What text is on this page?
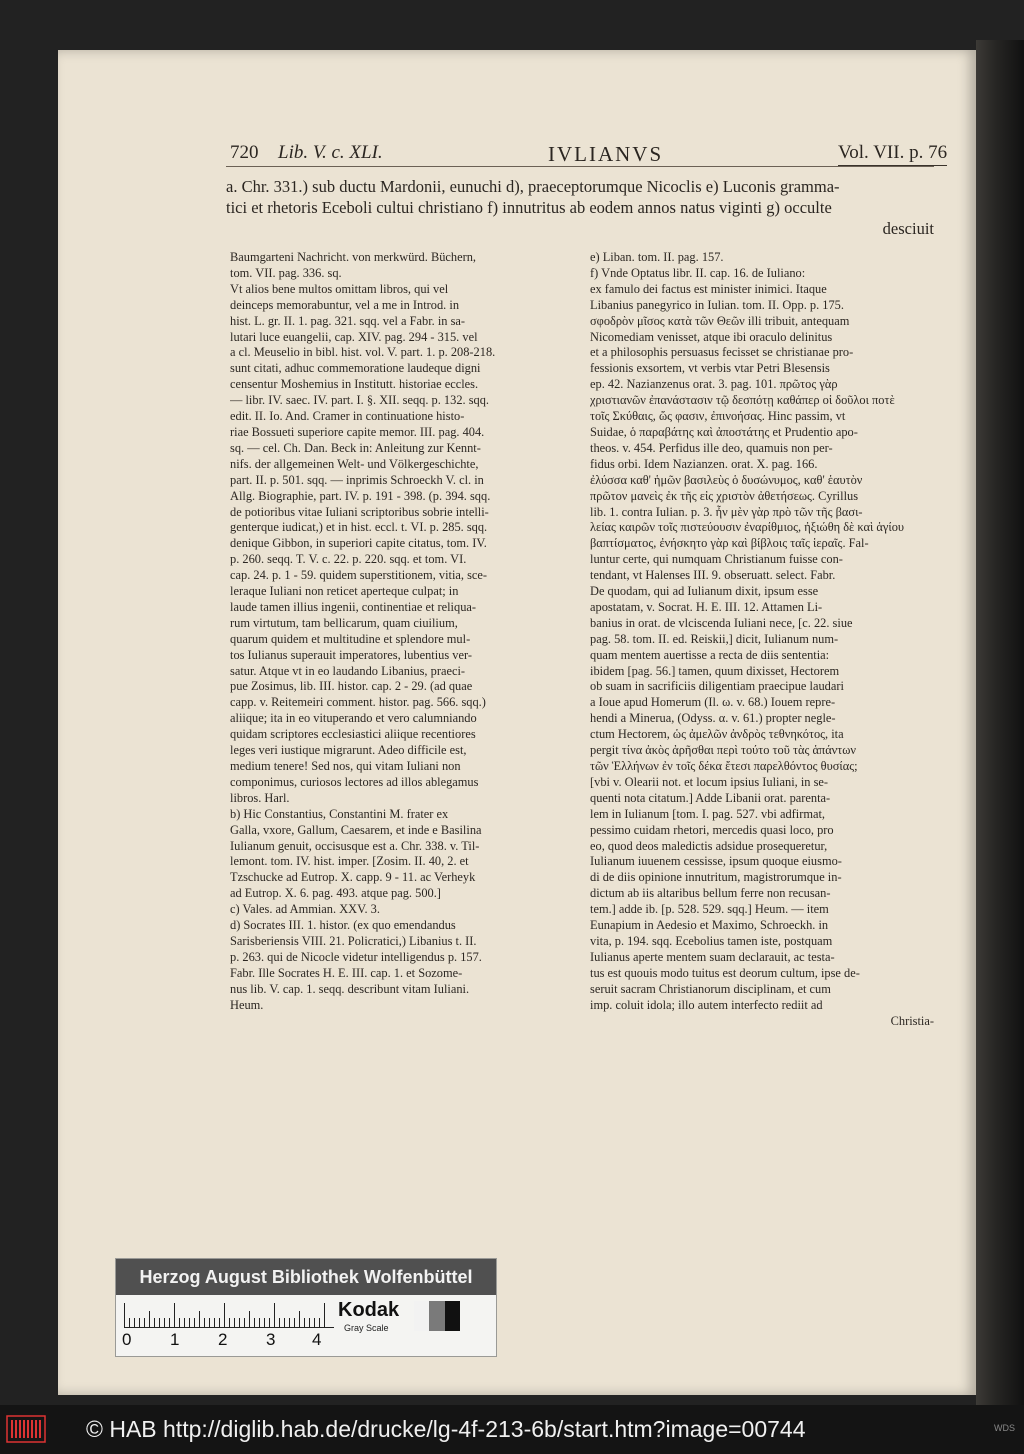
720 Lib. V. c. XLI.	IVLIANVS	Vol. VII. p. 76
a. Chr. 331.) sub ductu Mardonii, eunuchi d), praeceptorumque Nicoclis e) Luconis gramma-
tici et rhetoris Eceboli cultui christiano f) innutritus ab eodem annos natus viginti g) occulte
desciuit
Baumgarteni Nachricht. von merkwürd. Büchern,
tom. VII. pag. 336. sq.
Vt alios bene multos omittam libros, qui vel
deinceps memorabuntur, vel a me in Introd. in
hist. L. gr. II. 1. pag. 321. sqq. vel a Fabr. in sa-
lutari luce euangelii, cap. XIV. pag. 294 - 315. vel
a cl. Meuselio in bibl. hist. vol. V. part. 1. p. 208-218.
sunt citati, adhuc commemoratione laudeque digni
censentur Moshemius in Institutt. historiae eccles.
— libr. IV. saec. IV. part. I. §. XII. seqq. p. 132. sqq.
edit. II. Io. And. Cramer in continuatione histo-
riae Bossueti superiore capite memor. III. pag. 404.
sq. — cel. Ch. Dan. Beck in: Anleitung zur Kennt-
nifs. der allgemeinen Welt- und Völkergeschichte,
part. II. p. 501. sqq. — inprimis Schroeckh V. cl. in
Allg. Biographie, part. IV. p. 191 - 398. (p. 394. sqq.
de potioribus vitae Iuliani scriptoribus sobrie intelli-
genterque iudicat,) et in hist. eccl. t. VI. p. 285. sqq.
denique Gibbon, in superiori capite citatus, tom. IV.
p. 260. seqq. T. V. c. 22. p. 220. sqq. et tom. VI.
cap. 24. p. 1 - 59. quidem superstitionem, vitia, sce-
leraque Iuliani non reticet aperteque culpat; in
laude tamen illius ingenii, continentiae et reliqua-
rum virtutum, tam bellicarum, quam ciuilium,
quarum quidem et multitudine et splendore mul-
tos Iulianus superauit imperatores, lubentius ver-
satur. Atque vt in eo laudando Libanius, praeci-
pue Zosimus, lib. III. histor. cap. 2 - 29. (ad quae
capp. v. Reitemeiri comment. histor. pag. 566. sqq.)
aliique; ita in eo vituperando et vero calumniando
quidam scriptores ecclesiastici aliique recentiores
leges veri iustique migrarunt. Adeo difficile est,
medium tenere! Sed nos, qui vitam Iuliani non
componimus, curiosos lectores ad illos ablegamus
libros. Harl.
b) Hic Constantius, Constantini M. frater ex
Galla, vxore, Gallum, Caesarem, et inde e Basilina
Iulianum genuit, occisusque est a. Chr. 338. v. Til-
lemont. tom. IV. hist. imper. [Zosim. II. 40, 2. et
Tzschucke ad Eutrop. X. capp. 9 - 11. ac Verheyk
ad Eutrop. X. 6. pag. 493. atque pag. 500.]
c) Vales. ad Ammian. XXV. 3.
d) Socrates III. 1. histor. (ex quo emendandus
Sarisberiensis VIII. 21. Policratici,) Libanius t. II.
p. 263. qui de Nicocle videtur intelligendus p. 157.
Fabr. Ille Socrates H. E. III. cap. 1. et Sozome-
nus lib. V. cap. 1. seqq. describunt vitam Iuliani.
Heum.
e) Liban. tom. II. pag. 157.
f) Vnde Optatus libr. II. cap. 16. de Iuliano:
ex famulo dei factus est minister inimici. Itaque
Libanius panegyrico in Iulian. tom. II. Opp. p. 175.
σφοδρὸν μῖσος κατὰ τῶν Θεῶν illi tribuit, antequam
Nicomediam venisset, atque ibi oraculo delinitus
et a philosophis persuasus fecisset se christianae pro-
fessionis exsortem, vt verbis vtar Petri Blesensis
ep. 42. Nazianzenus orat. 3. pag. 101. πρῶτος γὰρ
χριστιανῶν ἐπανάστασιν τῷ δεσπότῃ καθάπερ οἱ δοῦλοι ποτὲ
τοῖς Σκύθαις, ὥς φασιν, ἐπινοήσας. Hinc passim, vt
Suidae, ὁ παραβάτης καὶ ἀποστάτης et Prudentio apo-
theos. v. 454. Perfidus ille deo, quamuis non per-
fidus orbi. Idem Nazianzen. orat. X. pag. 166.
ἐλύσσα καθ' ἡμῶν βασιλεὺς ὁ δυσώνυμος, καθ' ἑαυτὸν
πρῶτον μανεὶς ἐκ τῆς εἰς χριστὸν ἀθετήσεως. Cyrillus
lib. 1. contra Iulian. p. 3. ἦν μὲν γὰρ πρὸ τῶν τῆς βασι-
λείας καιρῶν τοῖς πιστεύουσιν ἐναρίθμιος, ἠξιώθη δὲ καὶ ἁγίου
βαπτίσματος, ἐνήσκητο γὰρ καὶ βίβλοις ταῖς ἱεραῖς. Fal-
luntur certe, qui numquam Christianum fuisse con-
tendant, vt Halenses III. 9. obseruatt. select. Fabr.
De quodam, qui ad Iulianum dixit, ipsum esse
apostatam, v. Socrat. H. E. III. 12. Attamen Li-
banius in orat. de vlciscenda Iuliani nece, [c. 22. siue
pag. 58. tom. II. ed. Reiskii,] dicit, Iulianum num-
quam mentem auertisse a recta de diis sententia:
ibidem [pag. 56.] tamen, quum dixisset, Hectorem
ob suam in sacrificiis diligentiam praecipue laudari
a Ioue apud Homerum (Il. ω. v. 68.) Iouem repre-
hendi a Minerua, (Odyss. α. v. 61.) propter negle-
ctum Hectorem, ὡς ἀμελῶν ἀνδρὸς τεθνηκότος, ita
pergit τίνα ἀκὸς ἀρῆσθαι περὶ τούτο τοῦ τὰς ἁπάντων
τῶν Ἑλλήνων ἐν τοῖς δέκα ἔτεσι παρελθόντος θυσίας;
[vbi v. Olearii not. et locum ipsius Iuliani, in se-
quenti nota citatum.] Adde Libanii orat. parenta-
lem in Iulianum [tom. I. pag. 527. vbi adfirmat,
pessimo cuidam rhetori, mercedis quasi loco, pro
eo, quod deos maledictis adsidue prosequeretur,
Iulianum iuuenem cessisse, ipsum quoque eiusmo-
di de diis opinione innutritum, magistrorumque in-
dictum ab iis altaribus bellum ferre non recusan-
tem.] adde ib. [p. 528. 529. sqq.] Heum. — item
Eunapium in Aedesio et Maximo, Schroeckh. in
vita, p. 194. sqq. Ecebolius tamen iste, postquam
Iulianus aperte mentem suam declarauit, ac testa-
tus est quouis modo tuitus est deorum cultum, ipse de-
seruit sacram Christianorum disciplinam, et cum
imp. coluit idola; illo autem interfecto rediit ad
Christia-
Herzog August Bibliothek Wolfenbüttel
0 1 2 3 4
Kodak
Gray Scale
© HAB http://diglib.hab.de/drucke/lg-4f-213-6b/start.htm?image=00744	WDS
